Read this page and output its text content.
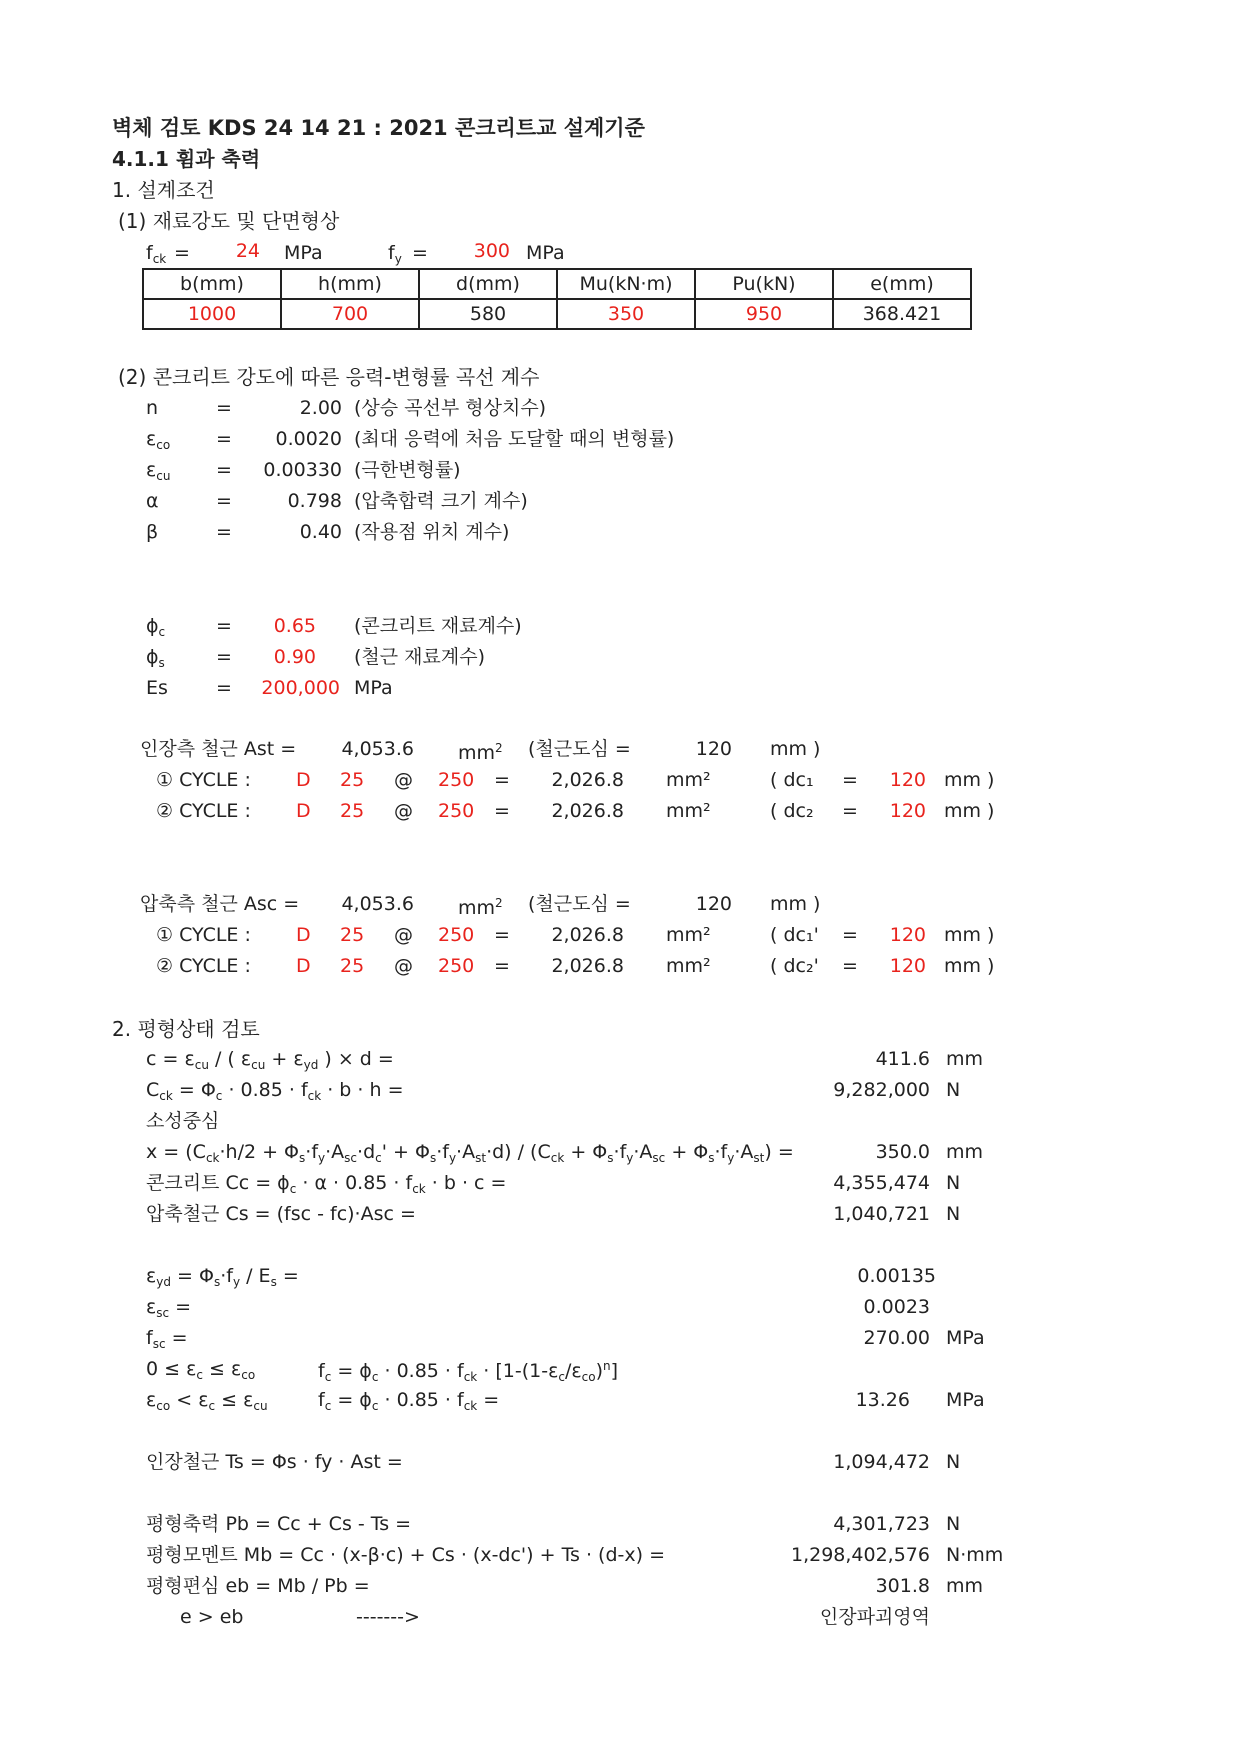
벽체 검토 KDS 24 14 21 : 2021 콘크리트교 설계기준
4.1.1 휨과 축력
1. 설계조건
(1) 재료강도 및 단면형상
$f_{ck}$ =	24 MPa	$f_y$ =	300 MPa
b(mm)	h(mm)	d(mm)	Mu(kN·m)	Pu(kN)	e(mm)
1000	700	580	350	950	368.421
(2) 콘크리트 강도에 따른 응력-변형률 곡선 계수
n	=	2.00 (상승 곡선부 형상치수)
$\varepsilon_{co}$ =	0.0020 (최대 응력에 처음 도달할 때의 변형률)
$\varepsilon_{cu}$ =	0.00330 (극한변형률)
α	=	0.798 (압축합력 크기 계수)
β	=	0.40 (작용점 위치 계수)
$\phi_c$	=	0.65 (콘크리트 재료계수)
$\phi_s$	=	0.90 (철근 재료계수)
Es	=	200,000 MPa
인장측 철근 Ast =	4,053.6 $mm^2$ (철근도심 =	120 mm )
① CYCLE : D 25 @ 250 =	2,026.8 mm²	( dc₁ =	120 mm )
② CYCLE : D 25 @ 250 =	2,026.8 mm²	( dc₂ =	120 mm )
압축측 철근 Asc =	4,053.6 $mm^2$ (철근도심 =	120 mm )
① CYCLE : D 25 @ 250 =	2,026.8 mm²	( dc₁' =	120 mm )
② CYCLE : D 25 @ 250 =	2,026.8 mm²	( dc₂' =	120 mm )
2. 평형상태 검토
$c = \varepsilon_{cu}$ / ( $\varepsilon_{cu} + \varepsilon_{yd}$ ) × d =	411.6 mm
$C_{ck} = \Phi_c \cdot 0.85 \cdot f_{ck} \cdot b \cdot h$ =	9,282,000 N
소성중심
$x = (C_{ck}\cdot h/2 + \Phi_s\cdot f_y\cdot A_{sc}\cdot d_c' + \Phi_s\cdot f_y\cdot A_{st}\cdot d) / (C_{ck} + \Phi_s\cdot f_y\cdot A_{sc} + \Phi_s\cdot f_y\cdot A_{st})$ =	350.0 mm
콘크리트 $Cc = \phi_c \cdot \alpha \cdot 0.85 \cdot f_{ck} \cdot b \cdot c$ =	4,355,474 N
압축철근 Cs = (fsc - fc)·Asc =	1,040,721 N
$\varepsilon_{yd} = \Phi_s\cdot f_y / E_s$ =	0.00135
$\varepsilon_{sc}$ =	0.0023
$f_{sc}$ =	270.00 MPa
$0 \le \varepsilon_c \le \varepsilon_{co}$	$f_c = \phi_c \cdot 0.85 \cdot f_{ck} \cdot [1-(1-\varepsilon_c/\varepsilon_{co})^n]$
$\varepsilon_{co} < \varepsilon_c \le \varepsilon_{cu}$	$f_c = \phi_c \cdot 0.85 \cdot f_{ck}$ =	13.26 MPa
인장철근 Ts = Φs · fy · Ast =	1,094,472 N
평형축력 Pb = Cc + Cs - Ts =	4,301,723 N
평형모멘트 Mb = Cc · (x-β·c) + Cs · (x-dc') + Ts · (d-x) =	1,298,402,576 N·mm
평형편심 eb = Mb / Pb =	301.8 mm
e > eb	------->	인장파괴영역
